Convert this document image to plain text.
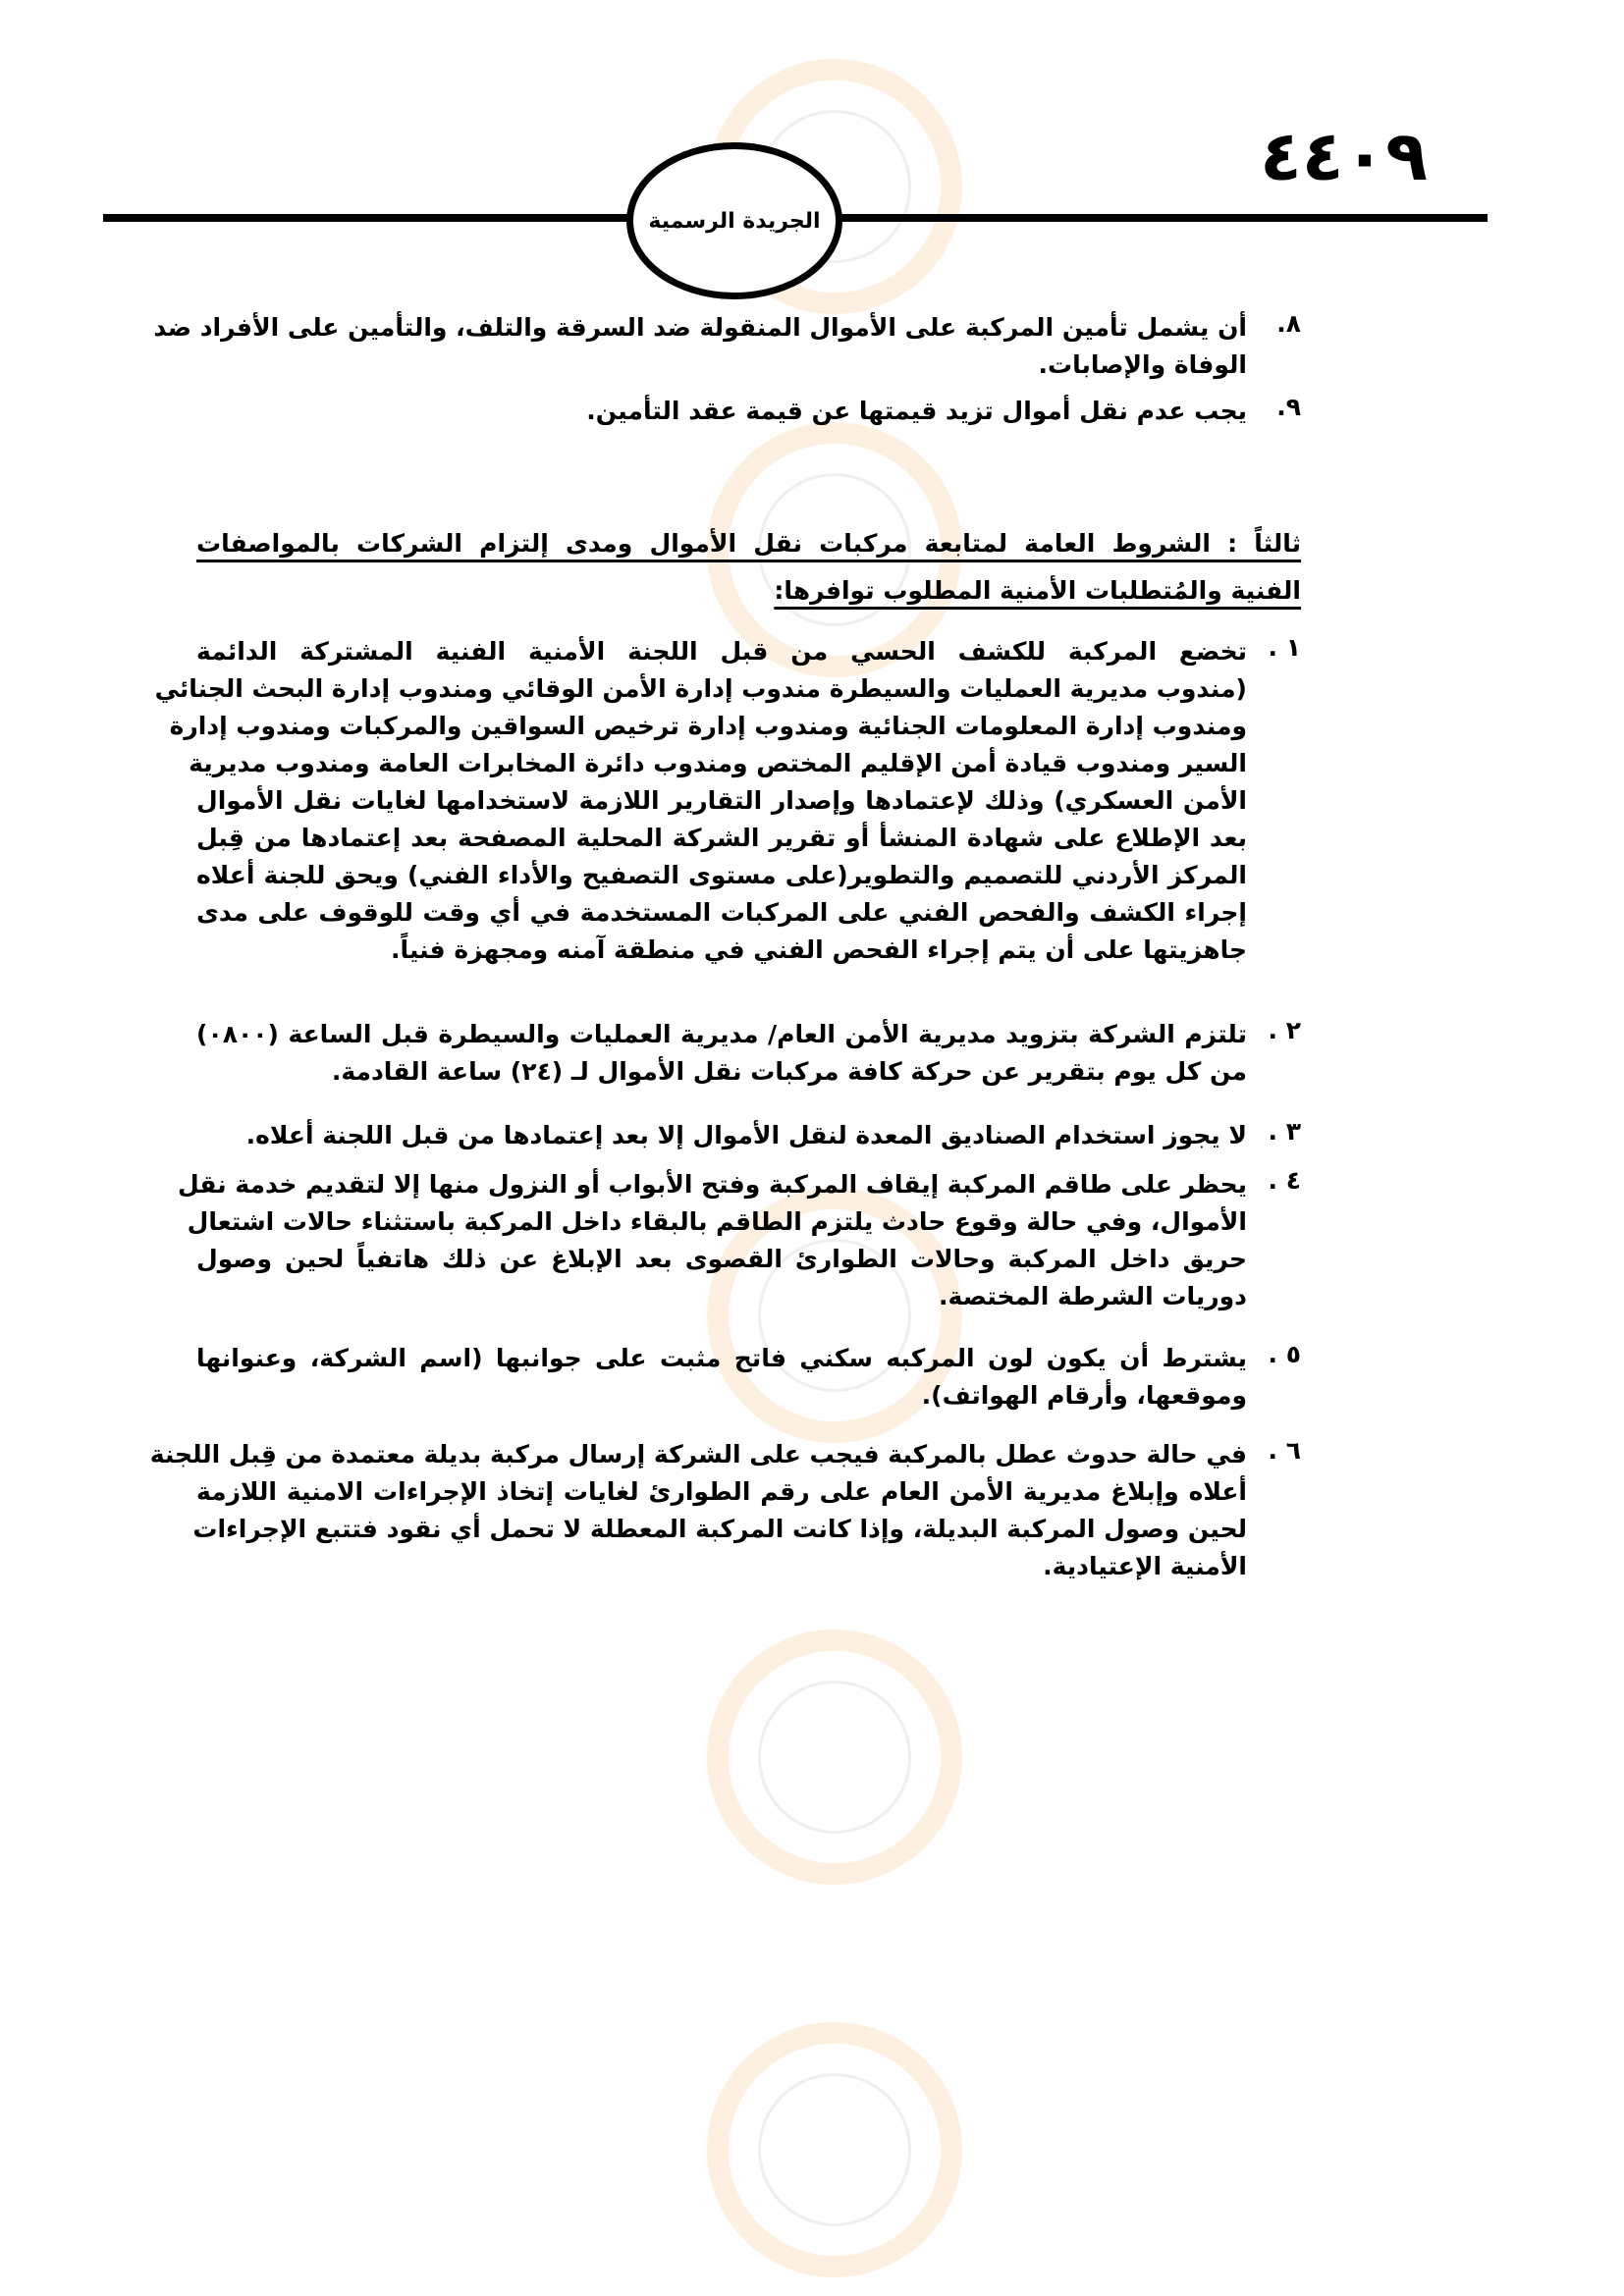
٤٤٠٩
الجريدة الرسمية
٨.
أن يشمل تأمين المركبة على الأموال المنقولة ضد السرقة والتلف، والتأمين على الأفراد ضد
الوفاة والإصابات.
٩.
يجب عدم نقل أموال تزيد قيمتها عن قيمة عقد التأمين.
ثالثاً : الشروط العامة لمتابعة مركبات نقل الأموال ومدى إلتزام الشركات بالمواصفات
الفنية والمُتطلبات الأمنية المطلوب توافرها:
١ .
تخضع المركبة للكشف الحسي من قبل اللجنة الأمنية الفنية المشتركة الدائمة
(مندوب مديرية العمليات والسيطرة مندوب إدارة الأمن الوقائي ومندوب إدارة البحث الجنائي
ومندوب إدارة المعلومات الجنائية ومندوب إدارة ترخيص السواقين والمركبات ومندوب إدارة
السير ومندوب قيادة أمن الإقليم المختص ومندوب دائرة المخابرات العامة ومندوب مديرية
الأمن العسكري) وذلك لإعتمادها وإصدار التقارير اللازمة لاستخدامها لغايات نقل الأموال
بعد الإطلاع على شهادة المنشأ أو تقرير الشركة المحلية المصفحة بعد إعتمادها من قِبل
المركز الأردني للتصميم والتطوير(على مستوى التصفيح والأداء الفني) ويحق للجنة أعلاه
إجراء الكشف والفحص الفني على المركبات المستخدمة في أي وقت للوقوف على مدى
جاهزيتها على أن يتم إجراء الفحص الفني في منطقة آمنه ومجهزة فنياً.
٢ .
تلتزم الشركة بتزويد مديرية الأمن العام/ مديرية العمليات والسيطرة قبل الساعة (٠٨٠٠)
من كل يوم بتقرير عن حركة كافة مركبات نقل الأموال لـ (٢٤) ساعة القادمة.
٣ .
لا يجوز استخدام الصناديق المعدة لنقل الأموال إلا بعد إعتمادها من قبل اللجنة أعلاه.
٤ .
يحظر على طاقم المركبة إيقاف المركبة وفتح الأبواب أو النزول منها إلا لتقديم خدمة نقل
الأموال، وفي حالة وقوع حادث يلتزم الطاقم بالبقاء داخل المركبة باستثناء حالات اشتعال
حريق داخل المركبة وحالات الطوارئ القصوى بعد الإبلاغ عن ذلك هاتفياً لحين وصول
دوريات الشرطة المختصة.
٥ .
يشترط أن يكون لون المركبه سكني فاتح مثبت على جوانبها (اسم الشركة، وعنوانها
وموقعها، وأرقام الهواتف).
٦ .
في حالة حدوث عطل بالمركبة فيجب على الشركة إرسال مركبة بديلة معتمدة من قِبل اللجنة
أعلاه وإبلاغ مديرية الأمن العام على رقم الطوارئ لغايات إتخاذ الإجراءات الامنية اللازمة
لحين وصول المركبة البديلة، وإذا كانت المركبة المعطلة لا تحمل أي نقود فتتبع الإجراءات
الأمنية الإعتيادية.
